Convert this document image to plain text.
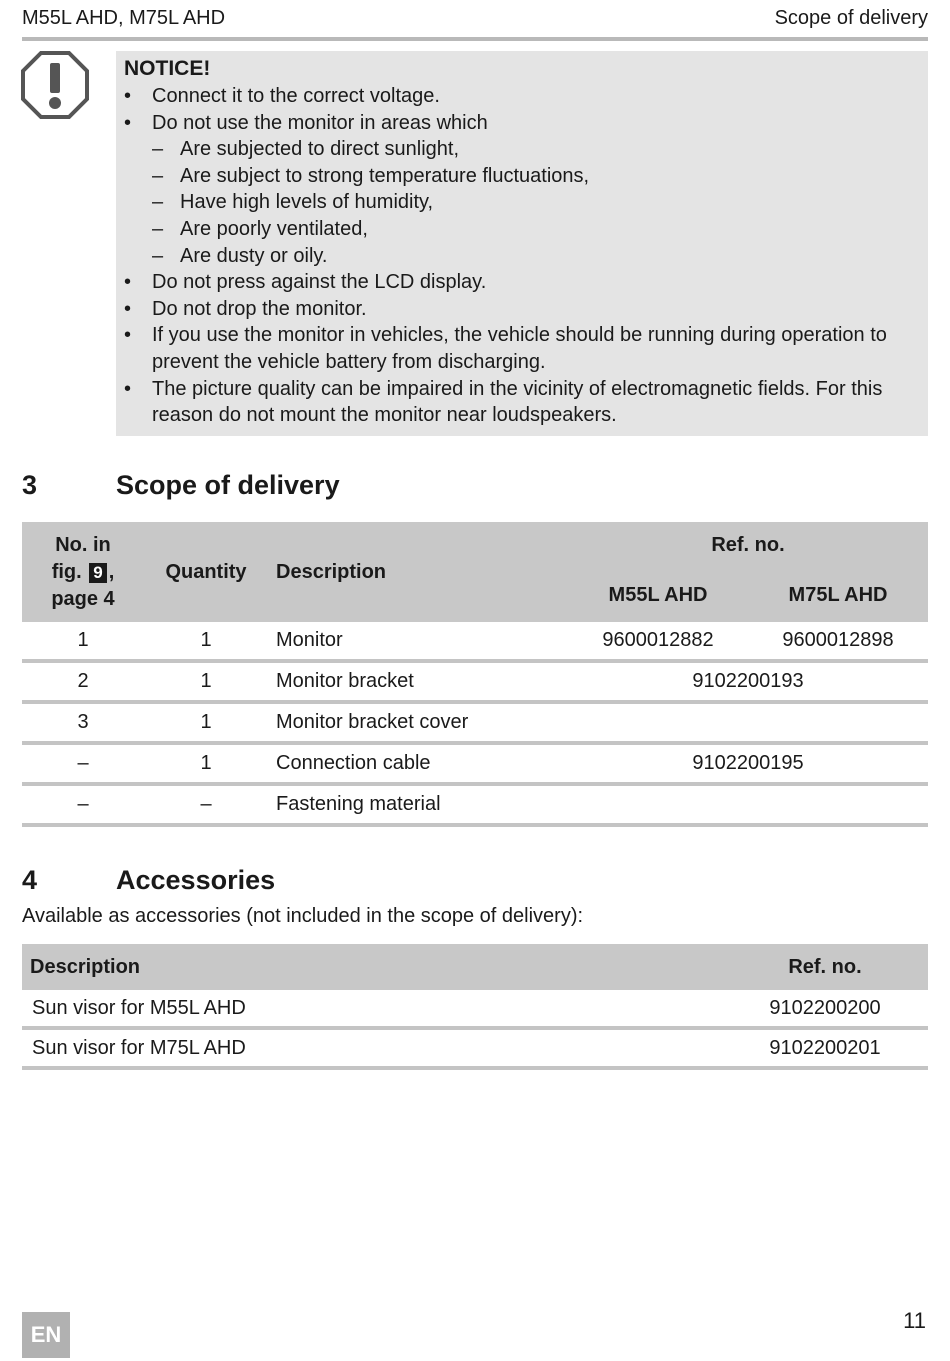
M55L AHD, M75L AHD	Scope of delivery
NOTICE!
• Connect it to the correct voltage.
• Do not use the monitor in areas which
– Are subjected to direct sunlight,
– Are subject to strong temperature fluctuations,
– Have high levels of humidity,
– Are poorly ventilated,
– Are dusty or oily.
• Do not press against the LCD display.
• Do not drop the monitor.
• If you use the monitor in vehicles, the vehicle should be running during operation to prevent the vehicle battery from discharging.
• The picture quality can be impaired in the vicinity of electromagnetic fields. For this reason do not mount the monitor near loudspeakers.
3	Scope of delivery
No. in
fig. 9 ,
page 4	Quantity	Description	Ref. no.	
			M55L AHD	M75L AHD
1	1	Monitor	9600012882	9600012898
2	1	Monitor bracket	9102200193	
3	1	Monitor bracket cover		
–	1	Connection cable	9102200195	
–	–	Fastening material		
4	Accessories
Available as accessories (not included in the scope of delivery):
Description	Ref. no.
Sun visor for M55L AHD	9102200200
Sun visor for M75L AHD	9102200201
EN
11
